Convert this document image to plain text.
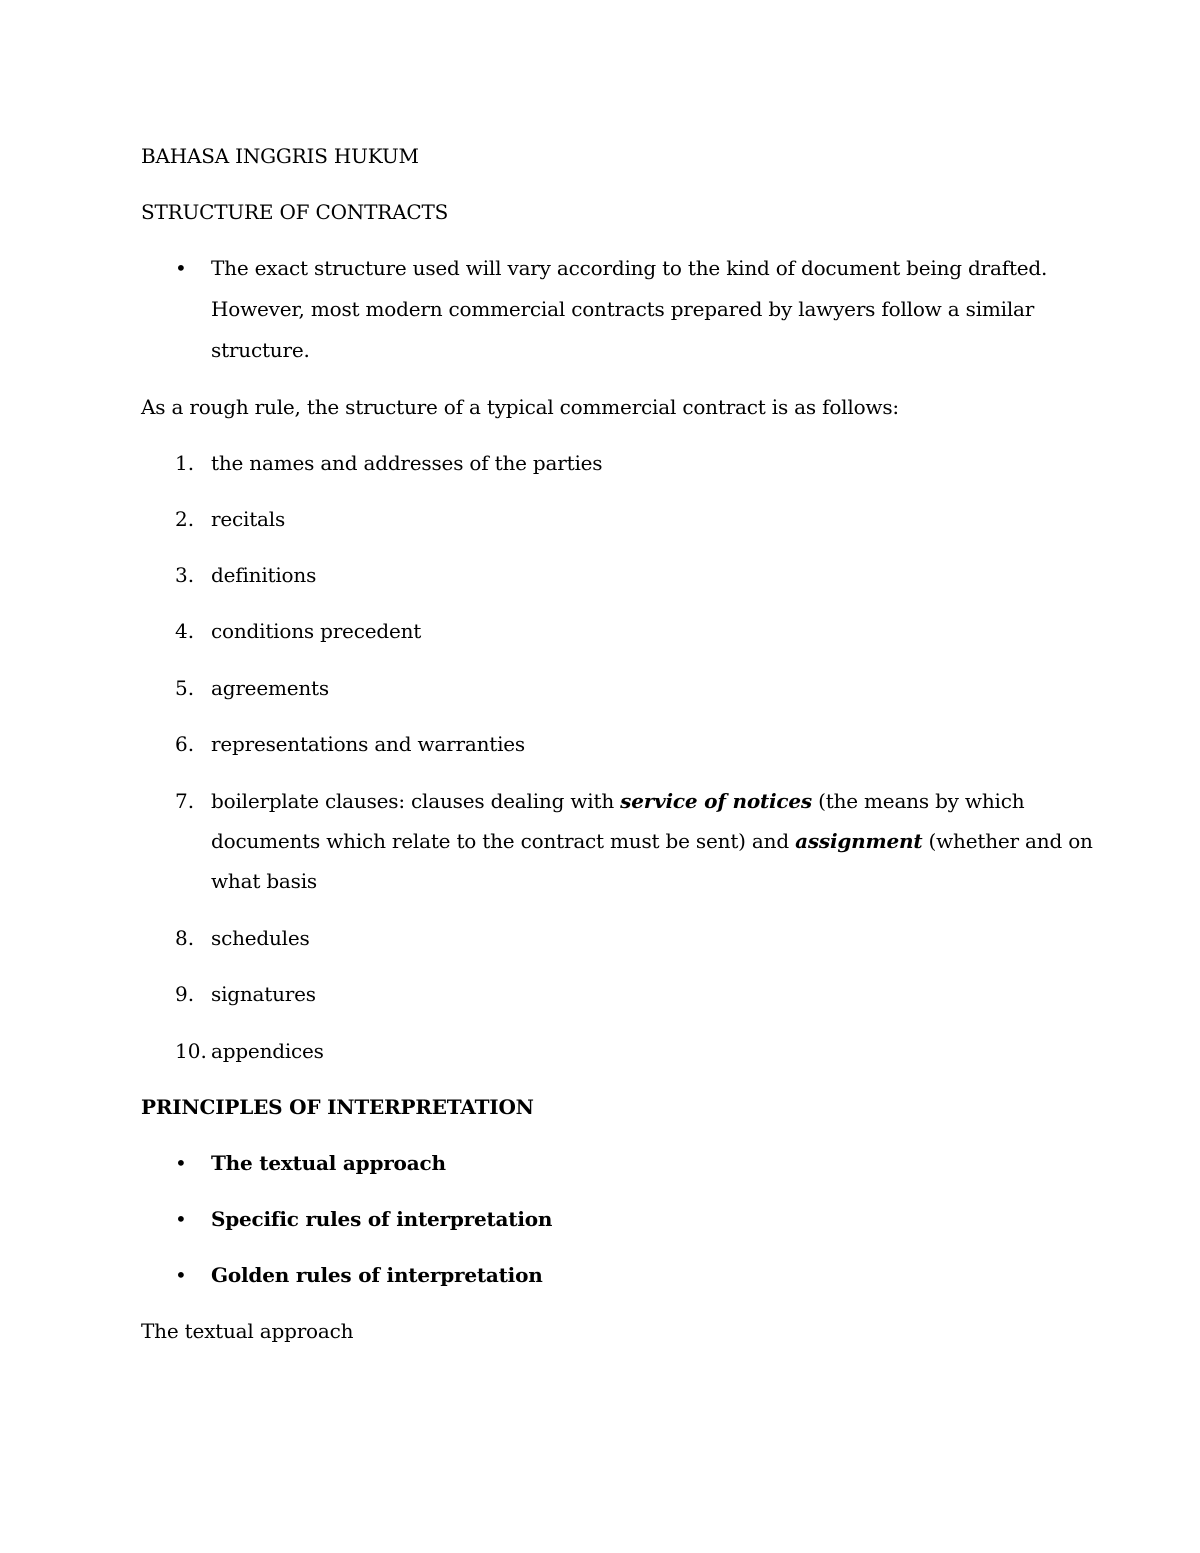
BAHASA INGGRIS HUKUM
STRUCTURE OF CONTRACTS
• The exact structure used will vary according to the kind of document being drafted.
However, most modern commercial contracts prepared by lawyers follow a similar
structure.
As a rough rule, the structure of a typical commercial contract is as follows:
1. the names and addresses of the parties
2. recitals
3. definitions
4. conditions precedent
5. agreements
6. representations and warranties
7. boilerplate clauses: clauses dealing with service of notices (the means by which
documents which relate to the contract must be sent) and assignment (whether and on
what basis
8. schedules
9. signatures
10. appendices
PRINCIPLES OF INTERPRETATION
• The textual approach
• Specific rules of interpretation
• Golden rules of interpretation
The textual approach
